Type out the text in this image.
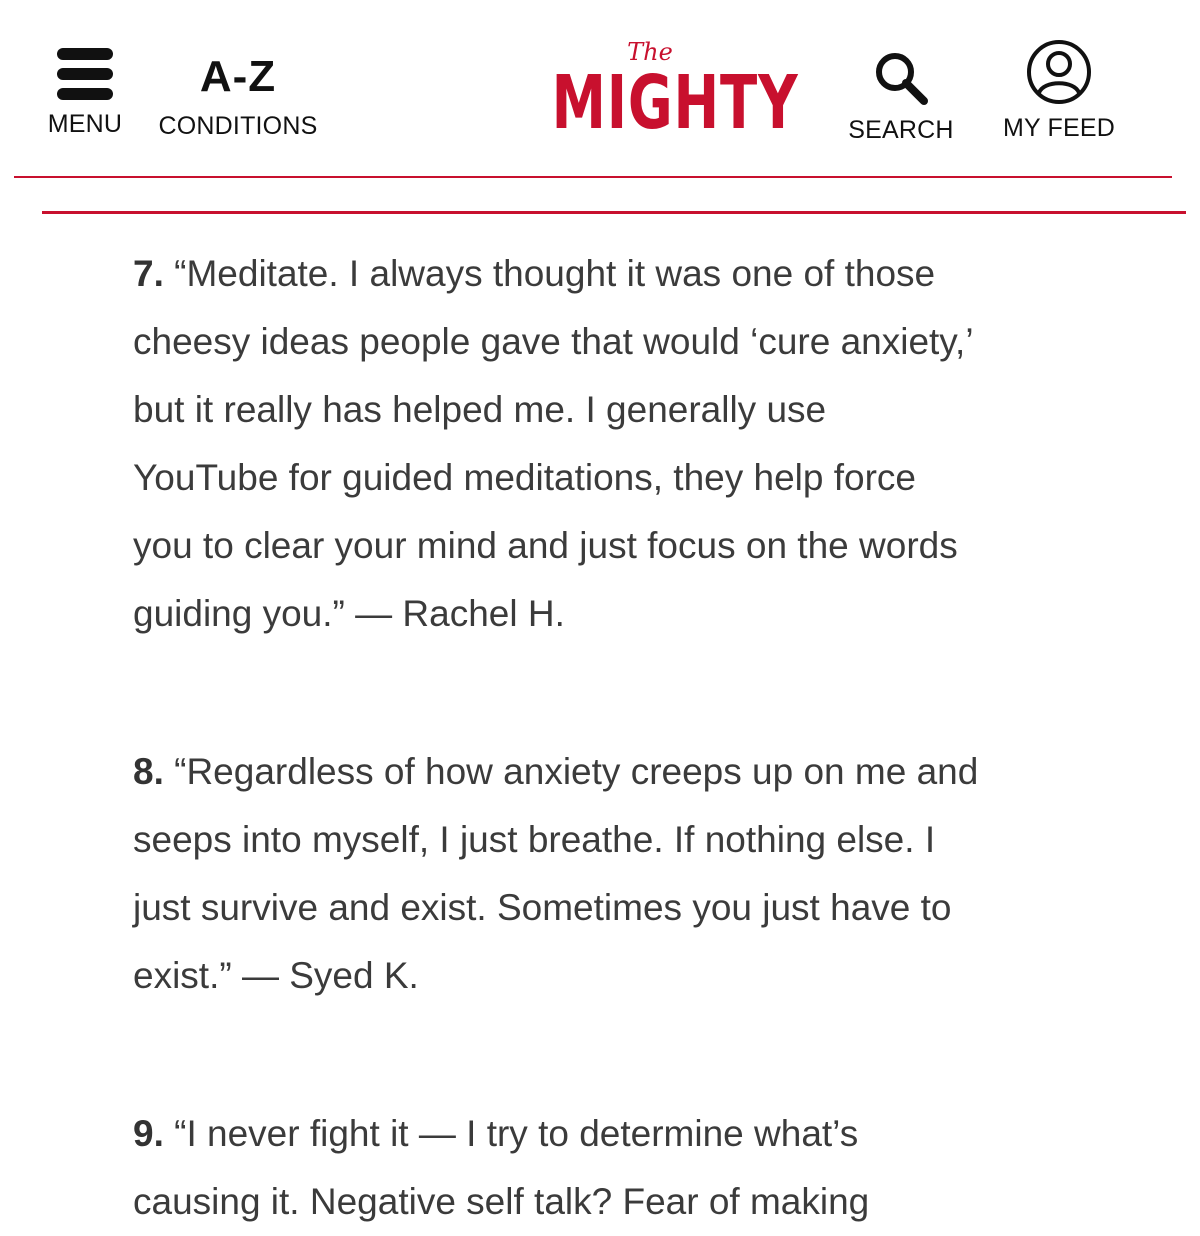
MENU
A-Z
CONDITIONS
The
MIGHTY SEARCH MY FEED
7. “Meditate. I always thought it was one of those
cheesy ideas people gave that would ‘cure anxiety,’
but it really has helped me. I generally use
YouTube for guided meditations, they help force
you to clear your mind and just focus on the words
guiding you.” — Rachel H.
8. “Regardless of how anxiety creeps up on me and
seeps into myself, I just breathe. If nothing else. I
just survive and exist. Sometimes you just have to
exist.” — Syed K.
9. “I never fight it — I try to determine what’s
causing it. Negative self talk? Fear of making
